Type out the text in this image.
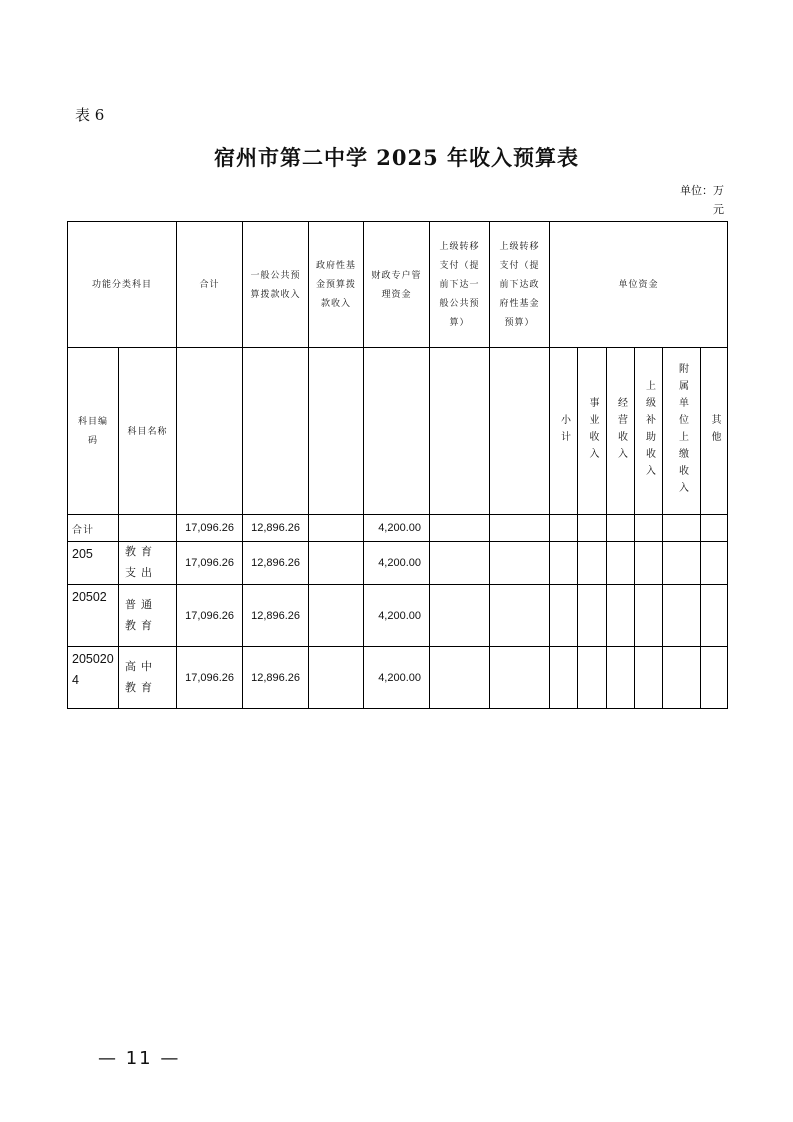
表 6
宿州市第二中学 2025 年收入预算表
单位：万 元
功能分类科目		合计	一般公共预算拨款收入	政府性基金预算拨款收入	财政专户管理资金	上级转移支付（提前下达一般公共预算）	上级转移支付（提前下达政府性基金预算）	单位资金					

科目编码	科目名称							小计	事业收入	经营收入	上级补助收入	附属单位上缴收入	其他

合计		17,096.26	12,896.26		4,200.00								
205	教育支出	17,096.26	12,896.26		4,200.00								
20502	普通教育	17,096.26	12,896.26		4,200.00								
2050204	高中教育	17,096.26	12,896.26		4,200.00								
— 11 —
